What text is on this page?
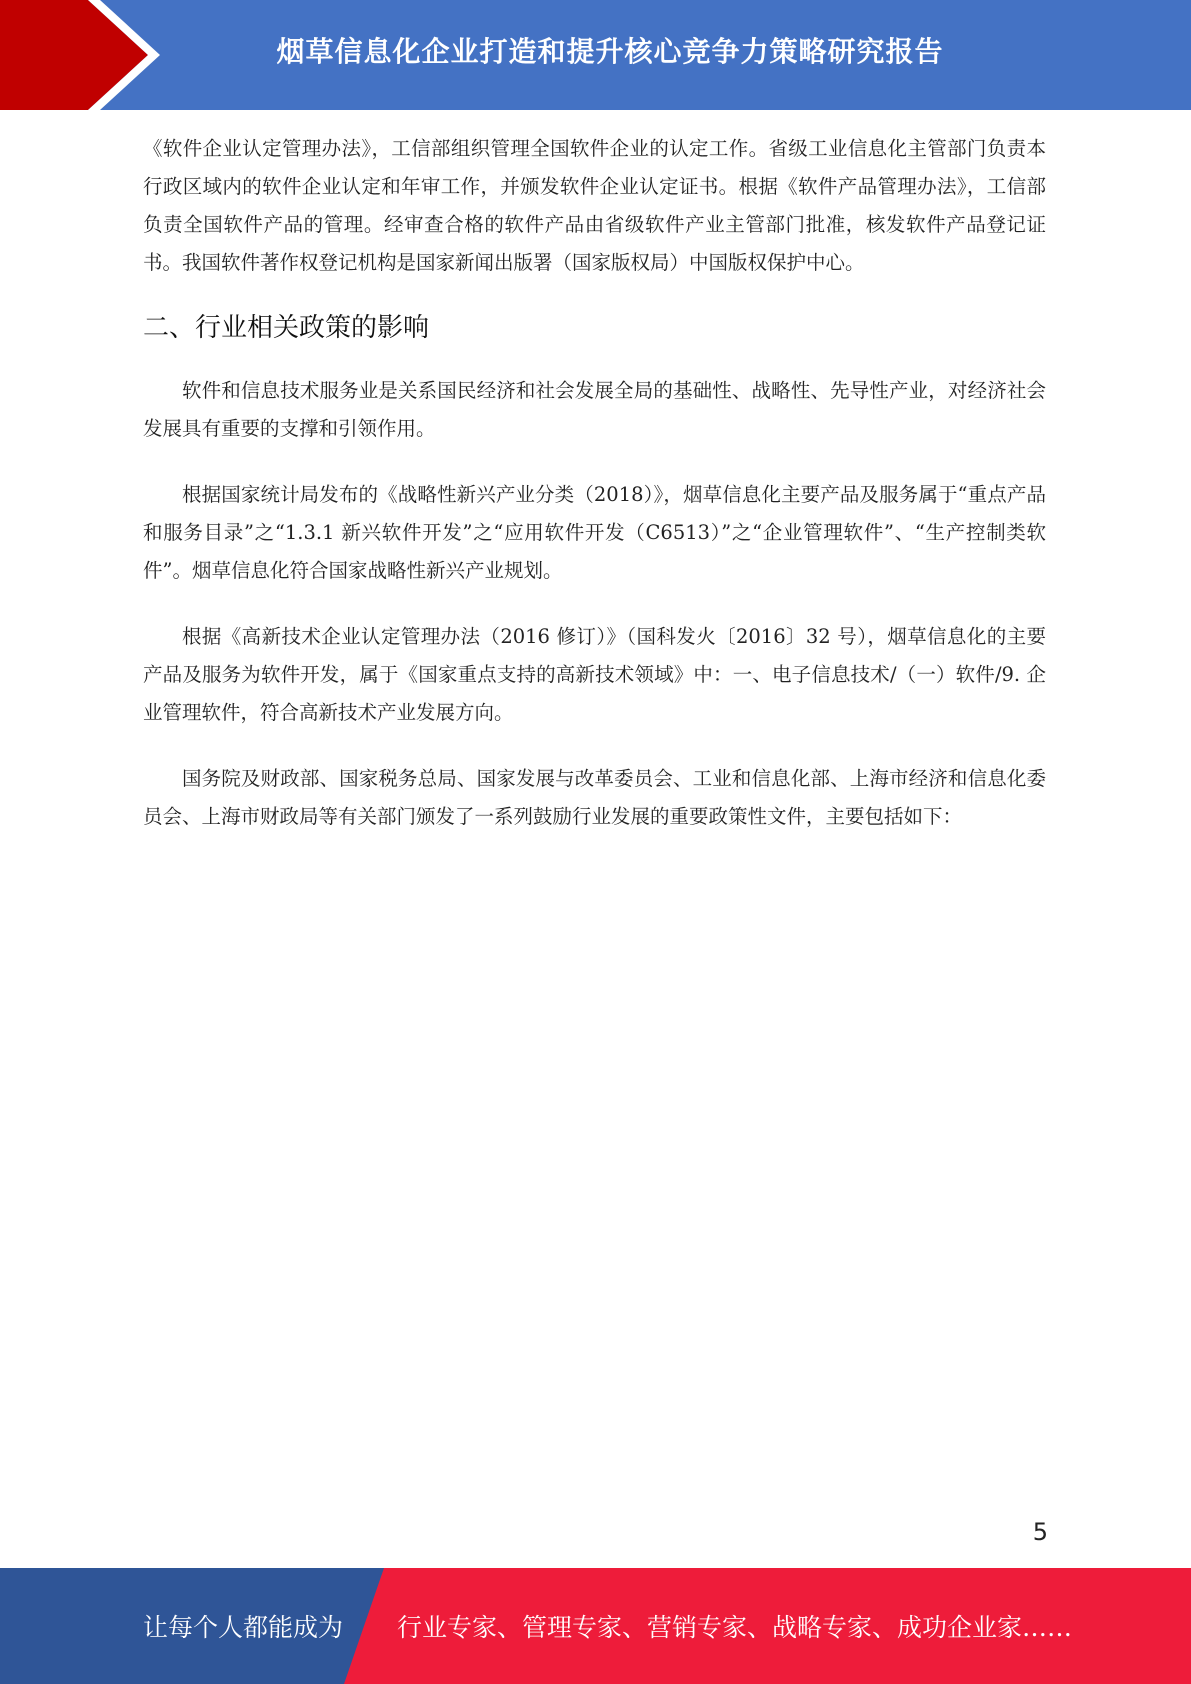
烟草信息化企业打造和提升核心竞争力策略研究报告

《软件企业认定管理办法》，工信部组织管理全国软件企业的认定工作。省级工业信息化主管部门负责本行政区域内的软件企业认定和年审工作，并颁发软件企业认定证书。根据《软件产品管理办法》，工信部负责全国软件产品的管理。经审查合格的软件产品由省级软件产业主管部门批准，核发软件产品登记证书。我国软件著作权登记机构是国家新闻出版署（国家版权局）中国版权保护中心。

二、行业相关政策的影响

软件和信息技术服务业是关系国民经济和社会发展全局的基础性、战略性、先导性产业，对经济社会发展具有重要的支撑和引领作用。

根据国家统计局发布的《战略性新兴产业分类（2018）》，烟草信息化主要产品及服务属于“重点产品和服务目录”之“1.3.1 新兴软件开发”之“应用软件开发（C6513）”之“企业管理软件”、“生产控制类软件”。烟草信息化符合国家战略性新兴产业规划。

根据《高新技术企业认定管理办法（2016 修订）》（国科发火〔2016〕32 号），烟草信息化的主要产品及服务为软件开发，属于《国家重点支持的高新技术领域》中：一、电子信息技术/（一）软件/9. 企业管理软件，符合高新技术产业发展方向。

国务院及财政部、国家税务总局、国家发展与改革委员会、工业和信息化部、上海市经济和信息化委员会、上海市财政局等有关部门颁发了一系列鼓励行业发展的重要政策性文件，主要包括如下：

5
让每个人都能成为 行业专家、管理专家、营销专家、战略专家、成功企业家……
